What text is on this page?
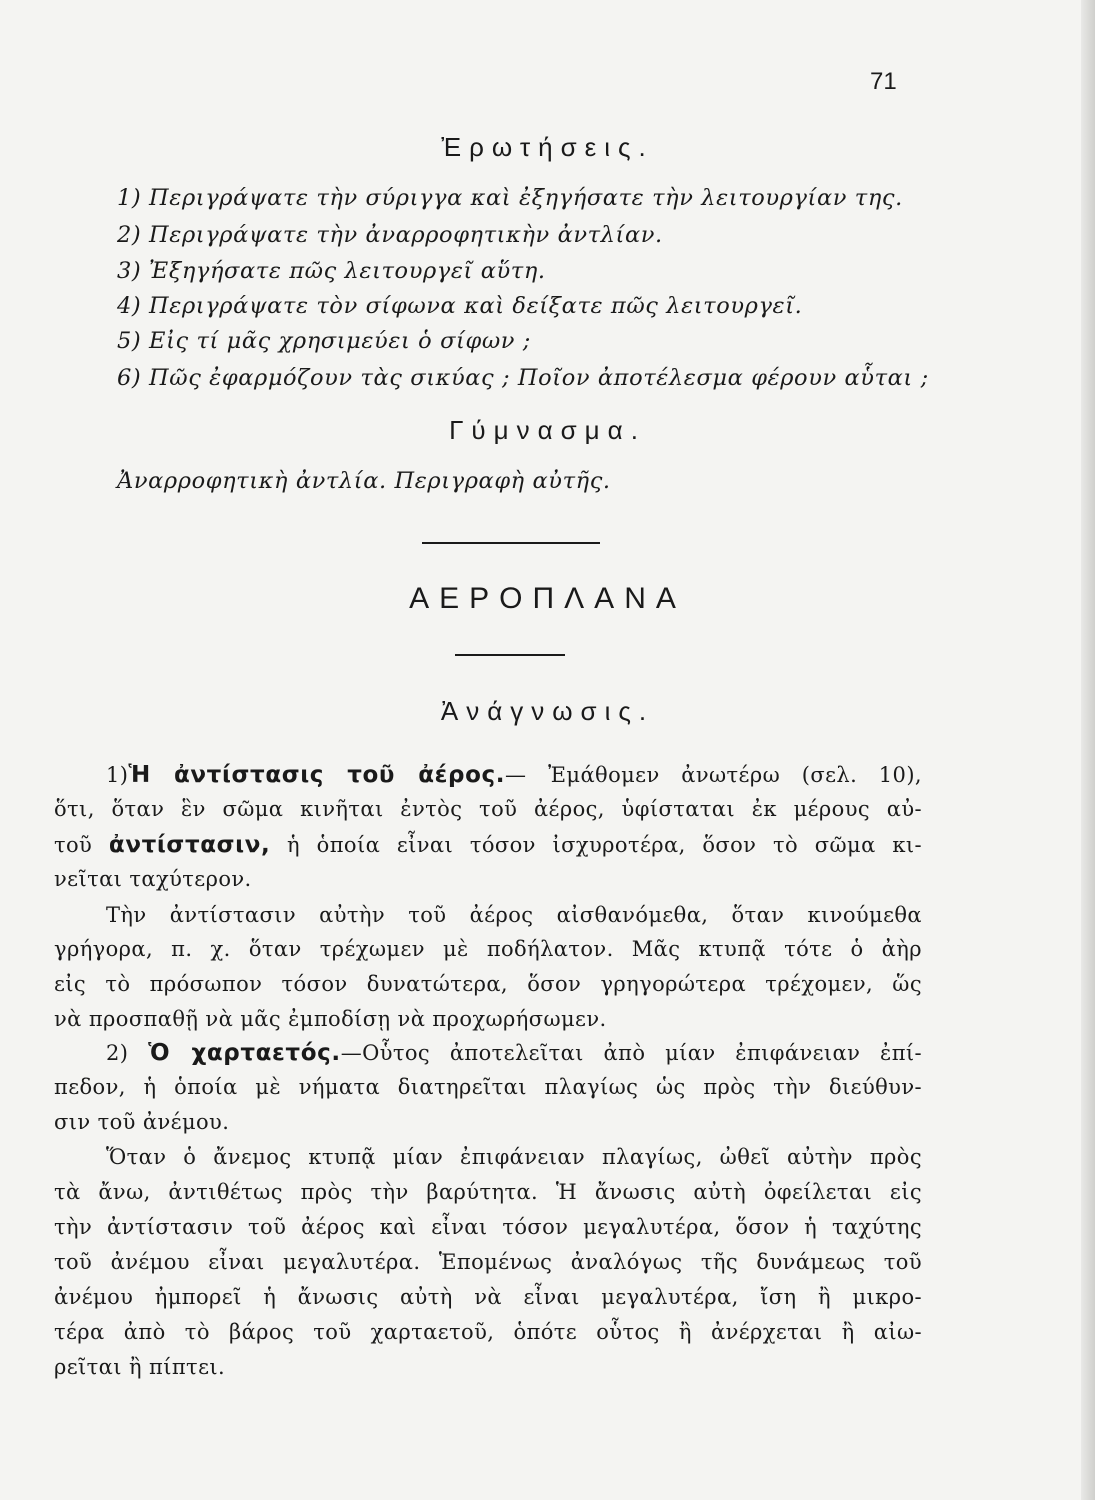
71
Ἐρωτήσεις.
1) Περιγράψατε τὴν σύριγγα καὶ ἐξηγήσατε τὴν λειτουργίαν της.
2) Περιγράψατε τὴν ἀναρροφητικὴν ἀντλίαν.
3) Ἐξηγήσατε πῶς λειτουργεῖ αὕτη.
4) Περιγράψατε τὸν σίφωνα καὶ δείξατε πῶς λειτουργεῖ.
5) Εἰς τί μᾶς χρησιμεύει ὁ σίφων ;
6) Πῶς ἐφαρμόζουν τὰς σικύας ; Ποῖον ἀποτέλεσμα φέρουν αὗται ;
Γύμνασμα.
Ἀναρροφητικὴ ἀντλία. Περιγραφὴ αὐτῆς.
ΑΕΡΟΠΛΑΝΑ
Ἀνάγνωσις.
1)Ἡ ἀντίστασις τοῦ ἀέρος.— Ἐμάθομεν ἀνωτέρω (σελ. 10),
ὅτι, ὅταν ἓν σῶμα κινῆται ἐντὸς τοῦ ἀέρος, ὑφίσταται ἐκ μέρους αὐ-
τοῦ ἀντίστασιν, ἡ ὁποία εἶναι τόσον ἰσχυροτέρα, ὅσον τὸ σῶμα κι-
νεῖται ταχύτερον.
Τὴν ἀντίστασιν αὐτὴν τοῦ ἀέρος αἰσθανόμεθα, ὅταν κινούμεθα
γρήγορα, π. χ. ὅταν τρέχωμεν μὲ ποδήλατον. Μᾶς κτυπᾷ τότε ὁ ἀὴρ
εἰς τὸ πρόσωπον τόσον δυνατώτερα, ὅσον γρηγορώτερα τρέχομεν, ὥς
νὰ προσπαθῇ νὰ μᾶς ἐμποδίσῃ νὰ προχωρήσωμεν.
2) Ὁ χαρταετός.—Οὗτος ἀποτελεῖται ἀπὸ μίαν ἐπιφάνειαν ἐπί-
πεδον, ἡ ὁποία μὲ νήματα διατηρεῖται πλαγίως ὡς πρὸς τὴν διεύθυν-
σιν τοῦ ἀνέμου.
Ὅταν ὁ ἄνεμος κτυπᾷ μίαν ἐπιφάνειαν πλαγίως, ὠθεῖ αὐτὴν πρὸς
τὰ ἄνω, ἀντιθέτως πρὸς τὴν βαρύτητα. Ἡ ἄνωσις αὐτὴ ὀφείλεται εἰς
τὴν ἀντίστασιν τοῦ ἀέρος καὶ εἶναι τόσον μεγαλυτέρα, ὅσον ἡ ταχύτης
τοῦ ἀνέμου εἶναι μεγαλυτέρα. Ἑπομένως ἀναλόγως τῆς δυνάμεως τοῦ
ἀνέμου ἠμπορεῖ ἡ ἄνωσις αὐτὴ νὰ εἶναι μεγαλυτέρα, ἴση ἢ μικρο-
τέρα ἀπὸ τὸ βάρος τοῦ χαρταετοῦ, ὁπότε οὗτος ἢ ἀνέρχεται ἢ αἰω-
ρεῖται ἢ πίπτει.
